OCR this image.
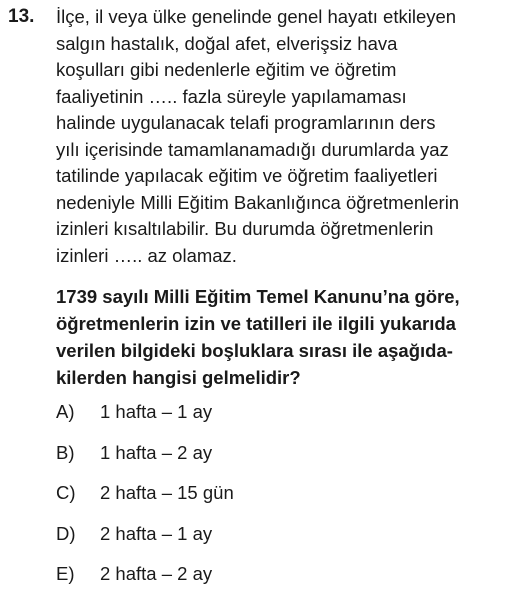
13. İlçe, il veya ülke genelinde genel hayatı etkileyen
salgın hastalık, doğal afet, elverişsiz hava
koşulları gibi nedenlerle eğitim ve öğretim
faaliyetinin ….. fazla süreyle yapılamaması
halinde uygulanacak telafi programlarının ders
yılı içerisinde tamamlanamadığı durumlarda yaz
tatilinde yapılacak eğitim ve öğretim faaliyetleri
nedeniyle Milli Eğitim Bakanlığınca öğretmenlerin
izinleri kısaltılabilir. Bu durumda öğretmenlerin
izinleri ….. az olamaz.
1739 sayılı Milli Eğitim Temel Kanunu’na göre,
öğretmenlerin izin ve tatilleri ile ilgili yukarıda
verilen bilgideki boşluklara sırası ile aşağıda-
kilerden hangisi gelmelidir?
A) 1 hafta – 1 ay
B) 1 hafta – 2 ay
C) 2 hafta – 15 gün
D) 2 hafta – 1 ay
E) 2 hafta – 2 ay
